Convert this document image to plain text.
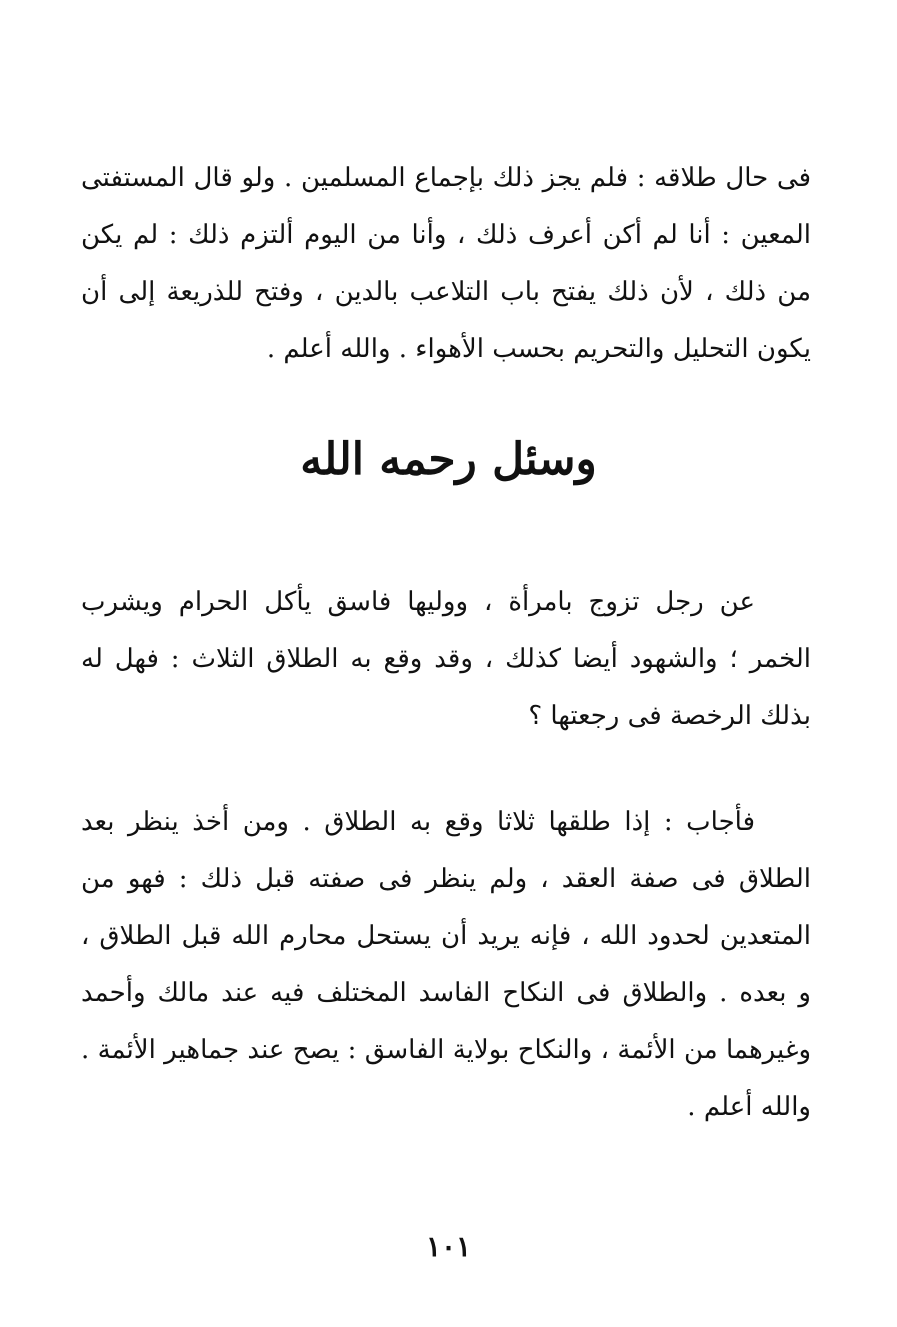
فى حال طلاقه : فلم يجز ذلك بإجماع المسلمين . ولو قال المستفتى المعين : أنا لم أكن أعرف ذلك ، وأنا من اليوم ألتزم ذلك : لم يكن من ذلك ، لأن ذلك يفتح باب التلاعب بالدين ، وفتح للذريعة إلى أن يكون التحليل والتحريم بحسب الأهواء . والله أعلم .

وسئل رحمه الله

عن رجل تزوج بامرأة ، ووليها فاسق يأكل الحرام ويشرب الخمر ؛ والشهود أيضا كذلك ، وقد وقع به الطلاق الثلاث : فهل له بذلك الرخصة فى رجعتها ؟

فأجاب : إذا طلقها ثلاثا وقع به الطلاق . ومن أخذ ينظر بعد الطلاق فى صفة العقد ، ولم ينظر فى صفته قبل ذلك : فهو من المتعدين لحدود الله ، فإنه يريد أن يستحل محارم الله قبل الطلاق ، و بعده . والطلاق فى النكاح الفاسد المختلف فيه عند مالك وأحمد وغيرهما من الأئمة ، والنكاح بولاية الفاسق : يصح عند جماهير الأئمة . والله أعلم .

١٠١
